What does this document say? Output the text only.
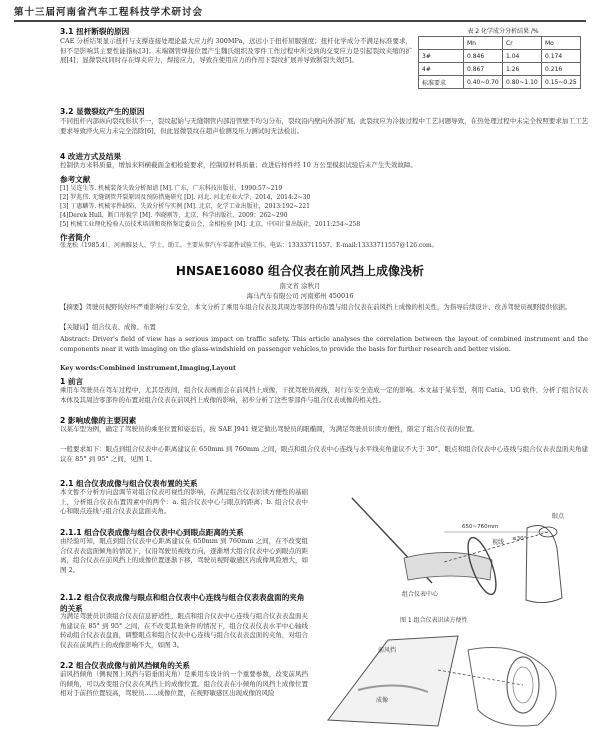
第十三届河南省汽车工程科技学术研讨会
3.1 扭杆断裂的原因
CAE 分析结果显示扭杆与支撑连接处理论最大应力约 300MPa，远远小于扭杆屈服强度；扭杆化学成分不满足标准要求，但不是影响其主要性能指标[3]；末端钢管焊接位置产生魏氏组织及零件工作过程中所受到的交变应力是引起裂纹夹缩的扩展[4]；显微裂纹同时存在焊夹应力、焊接应力，导致在使用应力的作用下裂纹扩展并导致断裂失效[5]。
表 2 化学成分分析结果 /%
	Mn	Cr	Mo
3#	0.846	1.04	0.174
4#	0.867	1.26	0.216
标准要求	0.40~0.70	0.80~1.10	0.15~0.25
3.2 显微裂纹产生的原因
不同扭杆内部纵向裂纹形状不一，裂纹起始与无缝钢管内部沿管壁不均匀分布，裂纹沿内壁向外部扩展，此裂纹应为冷拔过程中工艺问题导致，在热处理过程中未完全按照要求加工工艺要求导致淬火应力未完全消除[6]，但此显微裂纹在超声检测及压力测试时无法检出。
4 改进方式及结果
控制供方来料质量，增加来料横截面金相检验要求，控制原材料质量；改进后样件经 10 万公里模拟试验后未产生失效故障。
参考文献
[1] 吴连生等. 机械装备失效分析图谱 [M]. 广东，广东科技出版社，1990:57~219
[2] 罗兆伟. 无缝钢管开裂原因及预防措施研究 [D]. 河北. 河北农业大学，2014，2014:2~30
[3] 丁惠麟等. 机械零件缺陷、失效分析与实例 [M]. 北京，化学工业出版社，2013:192~221
[4]Derek Hull，断口形貌学 [M]. 李晓刚等，北京，科学出版社，2009：262~290
[5] 机械工业理化检验人员技术培训和资格鉴定委员会，金相检验 [M]. 北京，中国计量出版社，2011:254~258
作者简介
张龙松（1985.4），河南睢县人，学士，助工，主要从事汽车零部件试验工作。电话：13333711557，E-mail:13333711557@126.com。
HNSAE16080 组合仪表在前风挡上成像浅析
南文省 涂秋月
海马汽车有限公司 河南郑州 450016
【摘要】驾驶员视野的好坏严重影响行车安全，本文分析了乘用车组合仪表及其周边零部件的布置与组合仪表在前风挡上成像的相关性，为指导后续设计、改善驾驶员视野提供依据。
【关键词】组合仪表、成像、布置
Abstract: Driver's field of view has a serious impact on traffic safety. This article analyses the correlation between the layout of combined instrument and the components near it with imaging on the glass-windshield on passenger vehicles,to provide the basis for further research and better vision.
Key words:Combined instrument,Imaging,Layout
1 前言
乘用车驾驶员在驾车过程中，尤其是夜间，组合仪表画面会在前风挡上成像，干扰驾驶员视线，对行车安全造成一定的影响。本文基于某车型，利用 Catia、UG 软件，分析了组合仪表本体及其周边零部件的布置对组合仪表在前风挡上成像的影响，初步分析了这些零部件与组合仪表成像的相关性。
2 影响成像的主要因素
以某车型为例，确定了驾驶员的乘坐位置和姿态后，按 SAE J941 规定做出驾驶员的眼椭圆，为满足驾驶员识读方便性，限定了组合仪表的位置。
一般要求如下：眼点到组合仪表中心距离建议在 650mm 到 760mm 之间，眼点和组合仪表中心连线与水平线夹角建议不大于 30°，眼点和组合仪表中心连线与组合仪表表盘面夹角建议在 85° 到 95° 之间，见图 1。
2.1 组合仪表成像与组合仪表布置的关系
本文暂不分析方向盘调节对组合仪表可视性的影响，在满足组合仪表识读方便性的基础上，分析组合仪表布置因素中的两个：a. 组合仪表中心与眼点的距离；b. 组合仪表中心和眼点连线与组合仪表表盘面夹角。
2.1.1 组合仪表成像与组合仪表中心到眼点距离的关系
由经验可知，眼点到组合仪表中心距离建议在 650mm 到 760mm 之间，在不改变组合仪表表盘面倾角的情况下，仅沿驾驶员视线方向，逐渐增大组合仪表中心到眼点的距离，组合仪表在前风挡上的成像位置逐渐下移，驾驶员视野敏感区内成像风险增大，如图 2。
2.1.2 组合仪表成像与眼点和组合仪表中心连线与组合仪表表盘面的夹角的关系
为满足驾驶员识读组合仪表信息舒适性，眼点和组合仪表中心连线与组合仪表表盘面夹角建议在 85° 到 95° 之间，在不改变其他条件的情况下，组合仪表仪表水平中心轴线转动组合仪表表盘面，调整眼点和组合仪表中心连线与组合仪表表盘面的夹角，对组合仪表在前风挡上的成像影响不大，如图 3。
2.2 组合仪表成像与前风挡倾角的关系
前风挡倾角（侧视图上风挡与铅垂面夹角）是乘用车设计的一个重要参数，改变前风挡的倾角，可以改变组合仪表在风挡上的成像位置。组合仪表在小倾角的风挡上成像位置相对于前挡位置较高，驾驶员……成像位置，在视野敏感区出现成像的风险
组合仪表中心
视线
眼点
650~760mm
≤30°
图 1 组合仪表识读方便性
前风挡
成像
